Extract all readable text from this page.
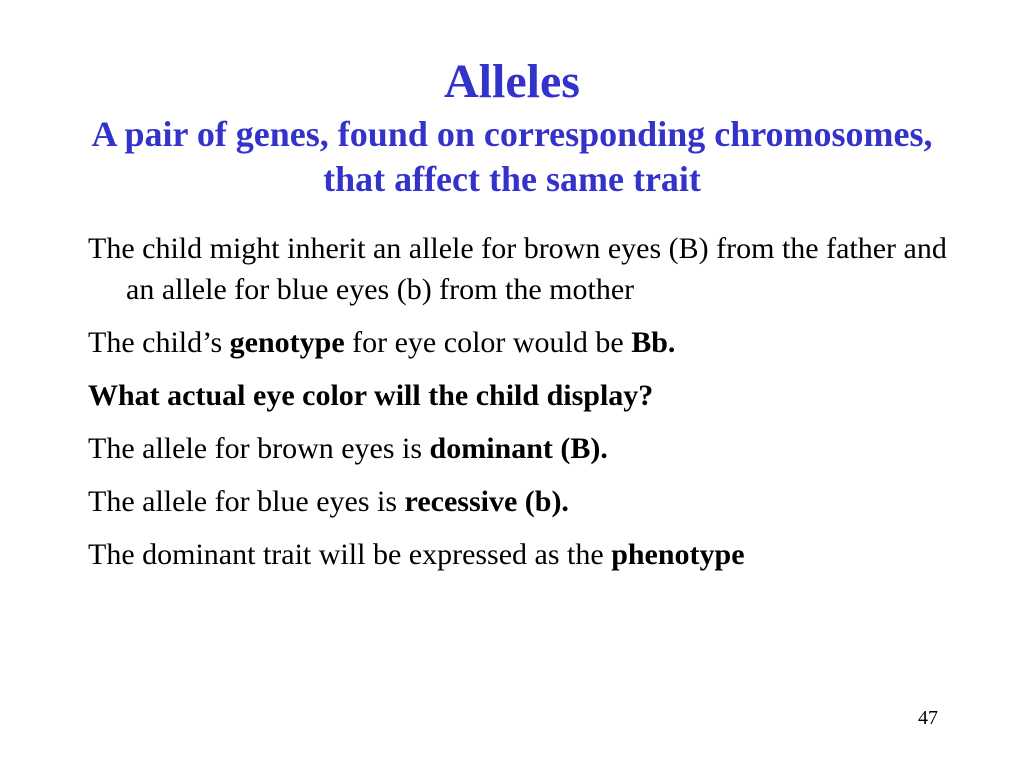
Alleles
A pair of genes, found on corresponding chromosomes, that affect the same trait
The child might inherit an allele for brown eyes (B) from the father and an allele for blue eyes (b) from the mother
The child’s genotype for eye color would be Bb.
What actual eye color will the child display?
The allele for brown eyes is dominant (B).
The allele for blue eyes is recessive (b).
The dominant trait will be expressed as the phenotype
47
